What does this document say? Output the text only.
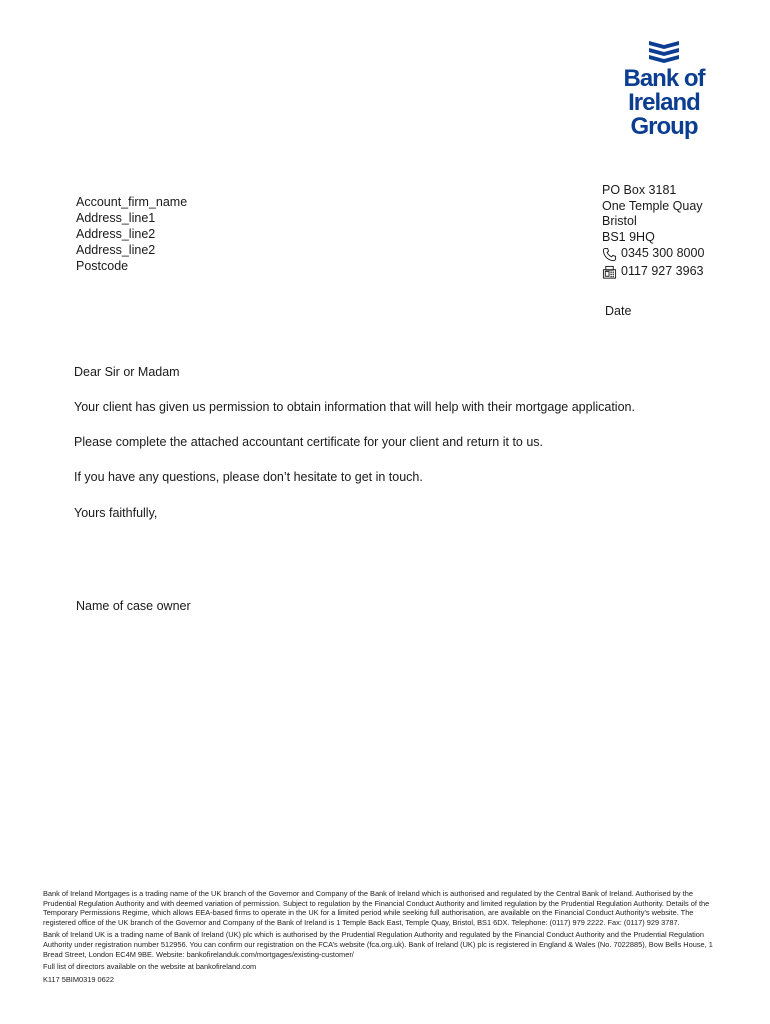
Bank of
Ireland
Group
Account_firm_name
Address_line1
Address_line2
Address_line2
Postcode
PO Box 3181
One Temple Quay
Bristol
BS1 9HQ
0345 300 8000
0117 927 3963
Date
Dear Sir or Madam
Your client has given us permission to obtain information that will help with their mortgage application.
Please complete the attached accountant certificate for your client and return it to us.
If you have any questions, please don’t hesitate to get in touch.
Yours faithfully,
Name of case owner

Bank of Ireland Mortgages is a trading name of the UK branch of the Governor and Company of the Bank of Ireland which is authorised and regulated by the Central Bank of Ireland. Authorised by the Prudential Regulation Authority and with deemed variation of permission. Subject to regulation by the Financial Conduct Authority and limited regulation by the Prudential Regulation Authority. Details of the Temporary Permissions Regime, which allows EEA-based firms to operate in the UK for a limited period while seeking full authorisation, are available on the Financial Conduct Authority’s website. The registered office of the UK branch of the Governor and Company of the Bank of Ireland is 1 Temple Back East, Temple Quay, Bristol, BS1 6DX. Telephone: (0117) 979 2222. Fax: (0117) 929 3787.

Bank of Ireland UK is a trading name of Bank of Ireland (UK) plc which is authorised by the Prudential Regulation Authority and regulated by the Financial Conduct Authority and the Prudential Regulation Authority under registration number 512956. You can confirm our registration on the FCA’s website (fca.org.uk). Bank of Ireland (UK) plc is registered in England & Wales (No. 7022885), Bow Bells House, 1 Bread Street, London EC4M 9BE. Website: bankofirelanduk.com/mortgages/existing-customer/

Full list of directors available on the website at bankofireland.com

K117 5BIM0319 0622
